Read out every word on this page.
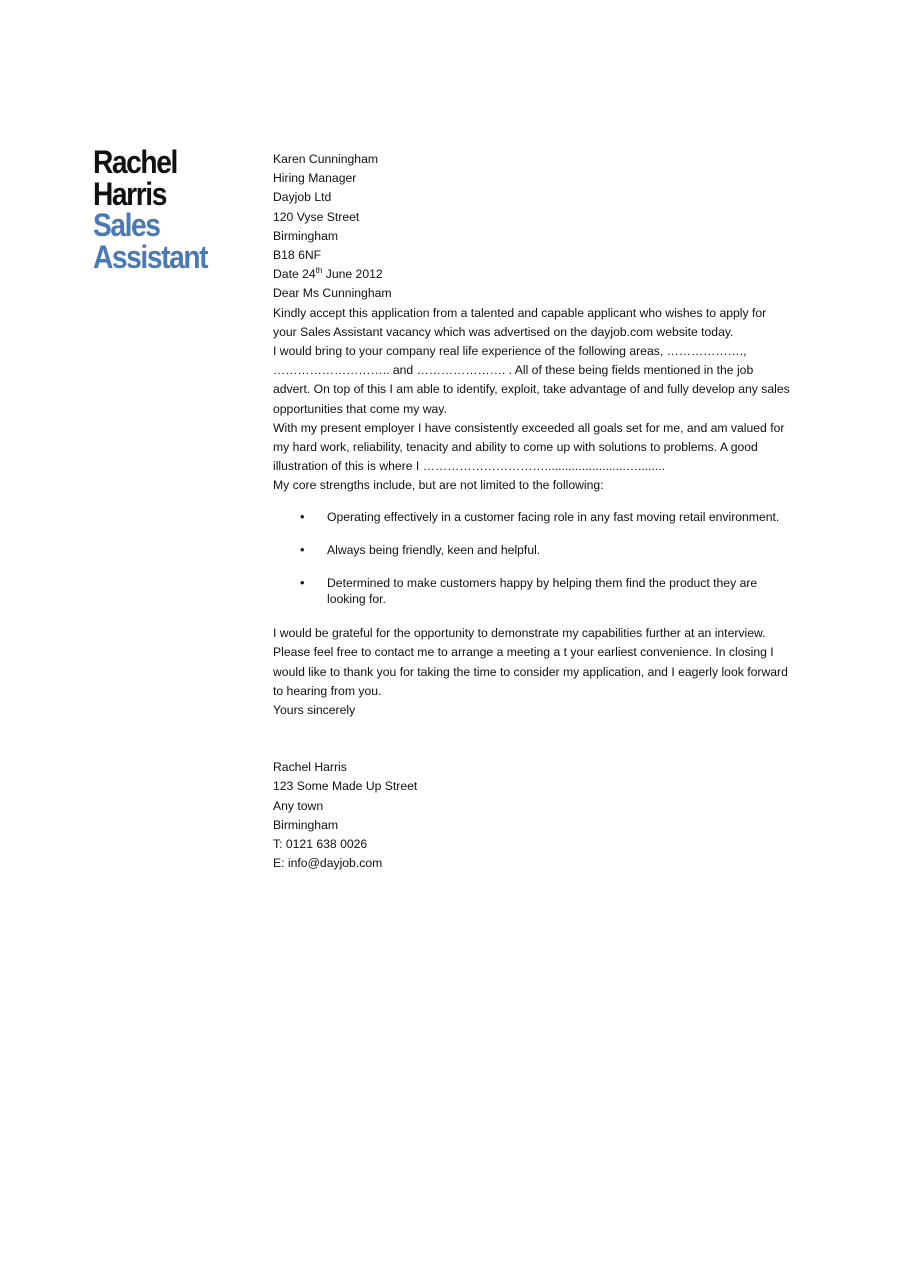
Rachel
Harris
Sales
Assistant
Karen Cunningham
Hiring Manager
Dayjob Ltd
120 Vyse Street
Birmingham
B18 6NF

Date 24th June 2012

Dear Ms Cunningham

Kindly accept this application from a talented and capable applicant who wishes to apply for your Sales Assistant vacancy which was advertised on the dayjob.com website today.

I would bring to your company real life experience of the following areas, ………………., ……………………….. and …………………. . All of these being fields mentioned in the job advert. On top of this I am able to identify, exploit, take advantage of and fully develop any sales opportunities that come my way.

With my present employer I have consistently exceeded all goals set for me, and am valued for my hard work, reliability, tenacity and ability to come up with solutions to problems. A good illustration of this is where I …………………………........................…........

My core strengths include, but are not limited to the following:

• Operating effectively in a customer facing role in any fast moving retail environment.
• Always being friendly, keen and helpful.
• Determined to make customers happy by helping them find the product they are looking for.

I would be grateful for the opportunity to demonstrate my capabilities further at an interview. Please feel free to contact me to arrange a meeting a t your earliest convenience. In closing I would like to thank you for taking the time to consider my application, and I eagerly look forward to hearing from you.

Yours sincerely

Rachel Harris
123 Some Made Up Street
Any town
Birmingham
T: 0121 638 0026
E: info@dayjob.com
